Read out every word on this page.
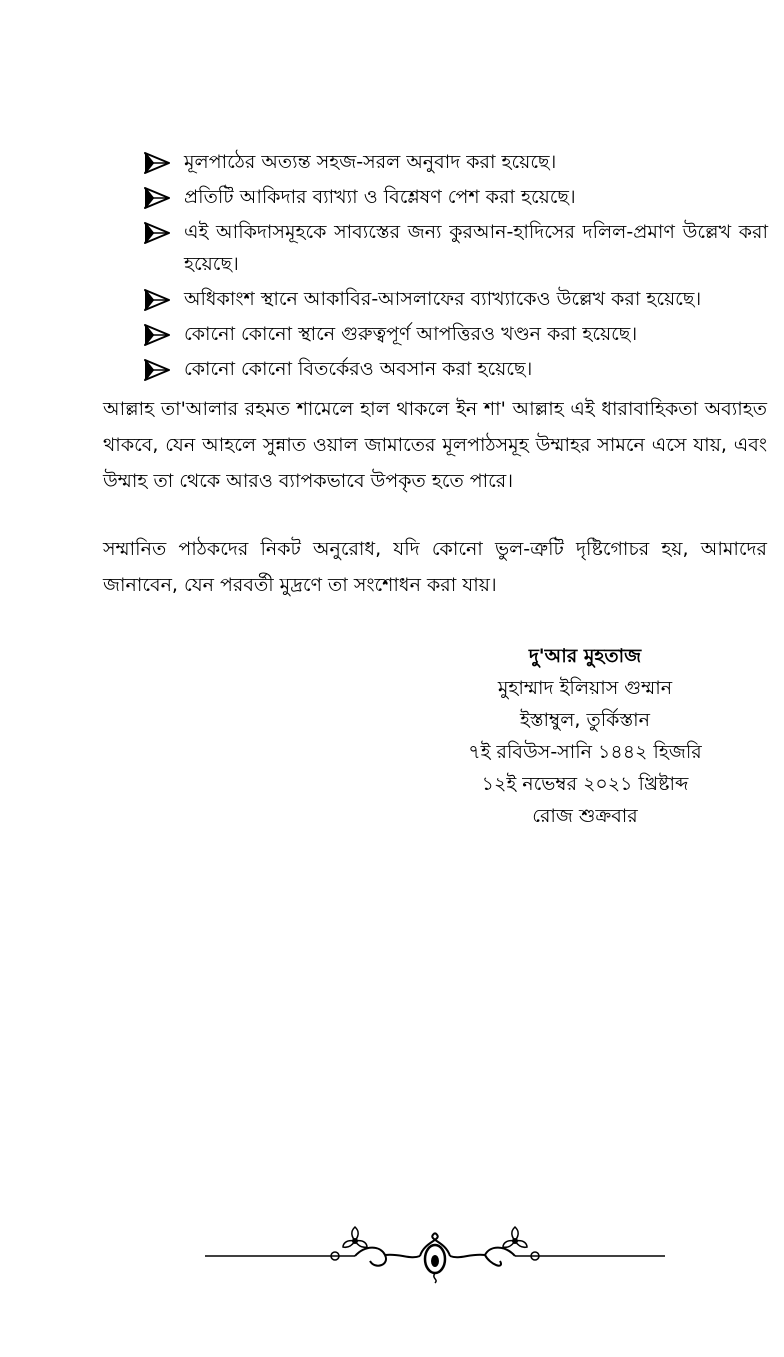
মূলপাঠের অত্যন্ত সহজ-সরল অনুবাদ করা হয়েছে।
প্রতিটি আকিদার ব্যাখ্যা ও বিশ্লেষণ পেশ করা হয়েছে।
এই আকিদাসমূহকে সাব্যস্তের জন্য কুরআন-হাদিসের দলিল-প্রমাণ উল্লেখ করা হয়েছে।
অধিকাংশ স্থানে আকাবির-আসলাফের ব্যাখ্যাকেও উল্লেখ করা হয়েছে।
কোনো কোনো স্থানে গুরুত্বপূর্ণ আপত্তিরও খণ্ডন করা হয়েছে।
কোনো কোনো বিতর্কেরও অবসান করা হয়েছে।

আল্লাহ তা'আলার রহমত শামেলে হাল থাকলে ইন শা' আল্লাহ এই ধারাবাহিকতা অব্যাহত থাকবে, যেন আহলে সুন্নাত ওয়াল জামাতের মূলপাঠসমূহ উম্মাহর সামনে এসে যায়, এবং উম্মাহ তা থেকে আরও ব্যাপকভাবে উপকৃত হতে পারে।

সম্মানিত পাঠকদের নিকট অনুরোধ, যদি কোনো ভুল-ত্রুটি দৃষ্টিগোচর হয়, আমাদের জানাবেন, যেন পরবর্তী মুদ্রণে তা সংশোধন করা যায়।

দু'আর মুহতাজ
মুহাম্মাদ ইলিয়াস গুম্মান
ইস্তাম্বুল, তুর্কিস্তান
৭ই রবিউস-সানি ১৪৪২ হিজরি
১২ই নভেম্বর ২০২১ খ্রিষ্টাব্দ
রোজ শুক্রবার
